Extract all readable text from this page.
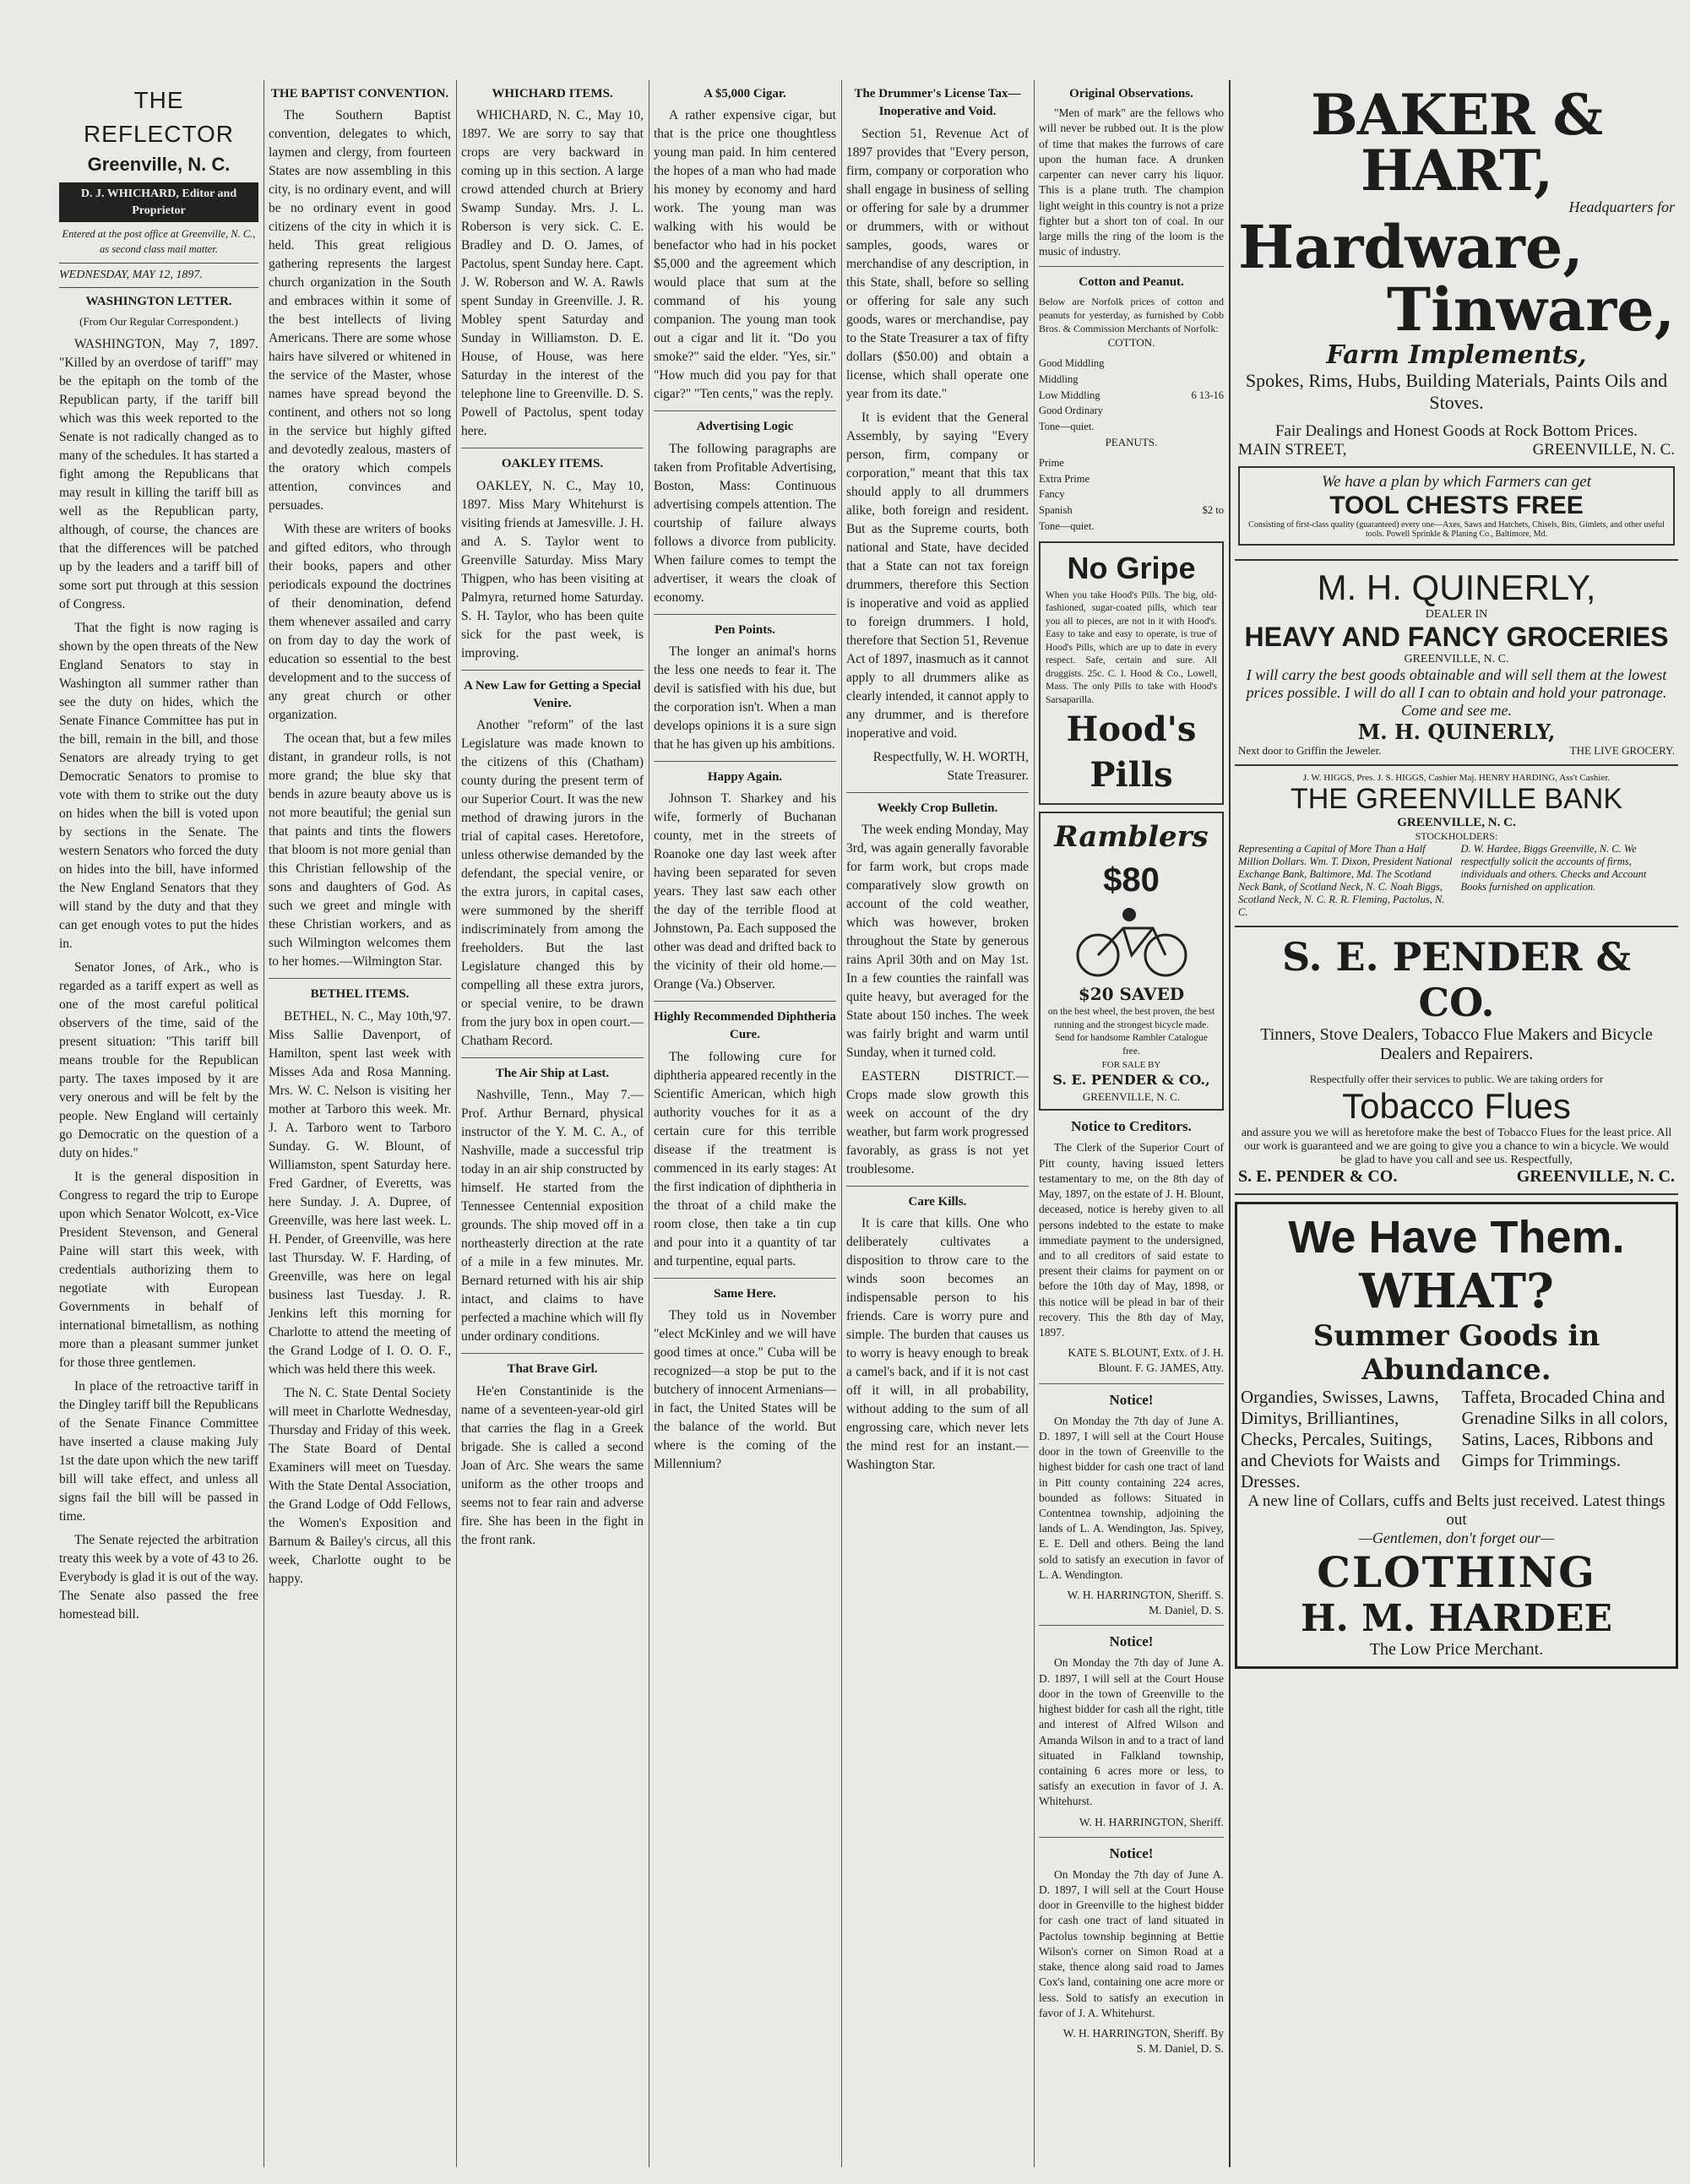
THE REFLECTOR
Greenville, N. C.
D. J. WHICHARD, Editor and Proprietor
Entered at the post office at Greenville, N. C., as second class mail matter.
WEDNESDAY, MAY 12, 1897.
WASHINGTON LETTER.
(From Our Regular Correspondent.)

WASHINGTON, May 7, 1897. "Killed by an overdose of tariff" may be the epitaph on the tomb of the Republican party, if the tariff bill which was this week reported to the Senate is not radically changed as to many of the schedules. It has started a fight among the Republicans that may result in killing the tariff bill as well as the Republican party, although, of course, the chances are that the differences will be patched up by the leaders and a tariff bill of some sort put through at this session of Congress.

That the fight is now raging is shown by the open threats of the New England Senators to stay in Washington all summer rather than see the duty on hides, which the Senate Finance Committee has put in the bill, remain in the bill, and those Senators are already trying to get Democratic Senators to promise to vote with them to strike out the duty on hides when the bill is voted upon by sections in the Senate. The western Senators who forced the duty on hides into the bill, have informed the New England Senators that they will stand by the duty and that they can get enough votes to put the hides in.

Senator Jones, of Ark., who is regarded as a tariff expert as well as one of the most careful political observers of the time, said of the present situation: "This tariff bill means trouble for the Republican party. The taxes imposed by it are very onerous and will be felt by the people. New England will certainly go Democratic on the question of a duty on hides."

It is the general disposition in Congress to regard the trip to Europe upon which Senator Wolcott, ex-Vice President Stevenson, and General Paine will start this week, with credentials authorizing them to negotiate with European Governments in behalf of international bimetallism, as nothing more than a pleasant summer junket for those three gentlemen.

In place of the retroactive tariff in the Dingley tariff bill the Republicans of the Senate Finance Committee have inserted a clause making July 1st the date upon which the new tariff bill will take effect, and unless all signs fail the bill will be passed in time.

The Senate rejected the arbitration treaty this week by a vote of 43 to 26. Everybody is glad it is out of the way. The Senate also passed the free homestead bill.

THE BAPTIST CONVENTION.

The Southern Baptist convention, delegates to which, laymen and clergy, from fourteen States are now assembling in this city, is no ordinary event, and will be no ordinary event in good citizens of the city in which it is held. This great religious gathering represents the largest church organization in the South and embraces within it some of the best intellects of living Americans. There are some whose hairs have silvered or whitened in the service of the Master, whose names have spread beyond the continent, and others not so long in the service but highly gifted and devotedly zealous, masters of the oratory which compels attention, convinces and persuades.

With these are writers of books and gifted editors, who through their books, papers and other periodicals expound the doctrines of their denomination, defend them whenever assailed and carry on from day to day the work of education so essential to the best development and to the success of any great church or other organization.

The ocean that, but a few miles distant, in grandeur rolls, is not more grand; the blue sky that bends in azure beauty above us is not more beautiful; the genial sun that paints and tints the flowers that bloom is not more genial than this Christian fellowship of the sons and daughters of God. As such we greet and mingle with these Christian workers, and as such Wilmington welcomes them to her homes.—Wilmington Star.

BETHEL ITEMS.

BETHEL, N. C., May 10th,'97. Miss Sallie Davenport, of Hamilton, spent last week with Misses Ada and Rosa Manning. Mrs. W. C. Nelson is visiting her mother at Tarboro this week. Mr. J. A. Tarboro went to Tarboro Sunday. G. W. Blount, of Williamston, spent Saturday here. Fred Gardner, of Everetts, was here Sunday. J. A. Dupree, of Greenville, was here last week. L. H. Pender, of Greenville, was here last Thursday. W. F. Harding, of Greenville, was here on legal business last Tuesday. J. R. Jenkins left this morning for Charlotte to attend the meeting of the Grand Lodge of I. O. O. F., which was held there this week.

The N. C. State Dental Society will meet in Charlotte Wednesday, Thursday and Friday of this week. The State Board of Dental Examiners will meet on Tuesday. With the State Dental Association, the Grand Lodge of Odd Fellows, the Women's Exposition and Barnum & Bailey's circus, all this week, Charlotte ought to be happy.

WHICHARD ITEMS.

WHICHARD, N. C., May 10, 1897. We are sorry to say that crops are very backward in coming up in this section. A large crowd attended church at Briery Swamp Sunday. Mrs. J. L. Roberson is very sick. C. E. Bradley and D. O. James, of Pactolus, spent Sunday here. Capt. J. W. Roberson and W. A. Rawls spent Sunday in Greenville. J. R. Mobley spent Saturday and Sunday in Williamston. D. E. House, of House, was here Saturday in the interest of the telephone line to Greenville. D. S. Powell of Pactolus, spent today here.

OAKLEY ITEMS.

OAKLEY, N. C., May 10, 1897. Miss Mary Whitehurst is visiting friends at Jamesville. J. H. and A. S. Taylor went to Greenville Saturday. Miss Mary Thigpen, who has been visiting at Palmyra, returned home Saturday. S. H. Taylor, who has been quite sick for the past week, is improving.

A New Law for Getting a Special Venire.

Another "reform" of the last Legislature was made known to the citizens of this (Chatham) county during the present term of our Superior Court. It was the new method of drawing jurors in the trial of capital cases. Heretofore, unless otherwise demanded by the defendant, the special venire, or the extra jurors, in capital cases, were summoned by the sheriff indiscriminately from among the freeholders. But the last Legislature changed this by compelling all these extra jurors, or special venire, to be drawn from the jury box in open court.—Chatham Record.

The Air Ship at Last.

Nashville, Tenn., May 7.—Prof. Arthur Bernard, physical instructor of the Y. M. C. A., of Nashville, made a successful trip today in an air ship constructed by himself. He started from the Tennessee Centennial exposition grounds. The ship moved off in a northeasterly direction at the rate of a mile in a few minutes. Mr. Bernard returned with his air ship intact, and claims to have perfected a machine which will fly under ordinary conditions.

That Brave Girl.

He'en Constantinide is the name of a seventeen-year-old girl that carries the flag in a Greek brigade. She is called a second Joan of Arc. She wears the same uniform as the other troops and seems not to fear rain and adverse fire. She has been in the fight in the front rank.

A $5,000 Cigar.

A rather expensive cigar, but that is the price one thoughtless young man paid. In him centered the hopes of a man who had made his money by economy and hard work. The young man was walking with his would be benefactor who had in his pocket $5,000 and the agreement which would place that sum at the command of his young companion. The young man took out a cigar and lit it. "Do you smoke?" said the elder. "Yes, sir." "How much did you pay for that cigar?" "Ten cents," was the reply.

Advertising Logic

The following paragraphs are taken from Profitable Advertising, Boston, Mass: Continuous advertising compels attention. The courtship of failure always follows a divorce from publicity. When failure comes to tempt the advertiser, it wears the cloak of economy.

Pen Points.

The longer an animal's horns the less one needs to fear it. The devil is satisfied with his due, but the corporation isn't. When a man develops opinions it is a sure sign that he has given up his ambitions.

Happy Again.

Johnson T. Sharkey and his wife, formerly of Buchanan county, met in the streets of Roanoke one day last week after having been separated for seven years. They last saw each other the day of the terrible flood at Johnstown, Pa. Each supposed the other was dead and drifted back to the vicinity of their old home.—Orange (Va.) Observer.

Highly Recommended Diphtheria Cure.

The following cure for diphtheria appeared recently in the Scientific American, which high authority vouches for it as a certain cure for this terrible disease if the treatment is commenced in its early stages: At the first indication of diphtheria in the throat of a child make the room close, then take a tin cup and pour into it a quantity of tar and turpentine, equal parts.

Same Here.

They told us in November "elect McKinley and we will have good times at once." Cuba will be recognized—a stop be put to the butchery of innocent Armenians—in fact, the United States will be the balance of the world. But where is the coming of the Millennium?

The Drummer's License Tax—Inoperative and Void.

Section 51, Revenue Act of 1897 provides that "Every person, firm, company or corporation who shall engage in business of selling or offering for sale by a drummer or drummers, with or without samples, goods, wares or merchandise of any description, in this State, shall, before so selling or offering for sale any such goods, wares or merchandise, pay to the State Treasurer a tax of fifty dollars ($50.00) and obtain a license, which shall operate one year from its date."

It is evident that the General Assembly, by saying "Every person, firm, company or corporation," meant that this tax should apply to all drummers alike, both foreign and resident. But as the Supreme courts, both national and State, have decided that a State can not tax foreign drummers, therefore this Section is inoperative and void as applied to foreign drummers. I hold, therefore that Section 51, Revenue Act of 1897, inasmuch as it cannot apply to all drummers alike as clearly intended, it cannot apply to any drummer, and is therefore inoperative and void.

Respectfully, W. H. WORTH, State Treasurer.

Weekly Crop Bulletin.

The week ending Monday, May 3rd, was again generally favorable for farm work, but crops made comparatively slow growth on account of the cold weather, which was however, broken throughout the State by generous rains April 30th and on May 1st. In a few counties the rainfall was quite heavy, but averaged for the State about 150 inches. The week was fairly bright and warm until Sunday, when it turned cold.

EASTERN DISTRICT.—Crops made slow growth this week on account of the dry weather, but farm work progressed favorably, as grass is not yet troublesome.

Care Kills.

It is care that kills. One who deliberately cultivates a disposition to throw care to the winds soon becomes an indispensable person to his friends. Care is worry pure and simple. The burden that causes us to worry is heavy enough to break a camel's back, and if it is not cast off it will, in all probability, without adding to the sum of all engrossing care, which never lets the mind rest for an instant.—Washington Star.

Original Observations.

"Men of mark" are the fellows who will never be rubbed out. It is the plow of time that makes the furrows of care upon the human face. A drunken carpenter can never carry his liquor. This is a plane truth. The champion light weight in this country is not a prize fighter but a short ton of coal. In our large mills the ring of the loom is the music of industry.

Cotton and Peanut.
Below are Norfolk prices of cotton and peanuts for yesterday, as furnished by Cobb Bros. & Commission Merchants of Norfolk:
COTTON.
Good Middling	
Middling	
Low Middling	6 13-16
Good Ordinary	
Tone—quiet.	
PEANUTS.
Prime	
Extra Prime	
Fancy	
Spanish	$2 to
Tone—quiet.	
No Gripe
When you take Hood's Pills. The big, old-fashioned, sugar-coated pills, which tear you all to pieces, are not in it with Hood's. Easy to take and easy to operate, is true of Hood's Pills, which are up to date in every respect. Safe, certain and sure. All druggists. 25c. C. I. Hood & Co., Lowell, Mass. The only Pills to take with Hood's Sarsaparilla.
Hood's Pills
Ramblers
$80
$20 SAVED
on the best wheel, the best proven, the best running and the strongest bicycle made. Send for handsome Rambler Catalogue free.
FOR SALE BY
S. E. PENDER & CO.,
GREENVILLE, N. C.
Notice to Creditors.

The Clerk of the Superior Court of Pitt county, having issued letters testamentary to me, on the 8th day of May, 1897, on the estate of J. H. Blount, deceased, notice is hereby given to all persons indebted to the estate to make immediate payment to the undersigned, and to all creditors of said estate to present their claims for payment on or before the 10th day of May, 1898, or this notice will be plead in bar of their recovery. This the 8th day of May, 1897.

KATE S. BLOUNT, Extx. of J. H. Blount. F. G. JAMES, Atty.

Notice!

On Monday the 7th day of June A. D. 1897, I will sell at the Court House door in the town of Greenville to the highest bidder for cash one tract of land in Pitt county containing 224 acres, bounded as follows: Situated in Contentnea township, adjoining the lands of L. A. Wendington, Jas. Spivey, E. E. Dell and others. Being the land sold to satisfy an execution in favor of L. A. Wendington.

W. H. HARRINGTON, Sheriff. S. M. Daniel, D. S.

Notice!

On Monday the 7th day of June A. D. 1897, I will sell at the Court House door in the town of Greenville to the highest bidder for cash all the right, title and interest of Alfred Wilson and Amanda Wilson in and to a tract of land situated in Falkland township, containing 6 acres more or less, to satisfy an execution in favor of J. A. Whitehurst.

W. H. HARRINGTON, Sheriff.

Notice!

On Monday the 7th day of June A. D. 1897, I will sell at the Court House door in Greenville to the highest bidder for cash one tract of land situated in Pactolus township beginning at Bettie Wilson's corner on Simon Road at a stake, thence along said road to James Cox's land, containing one acre more or less. Sold to satisfy an execution in favor of J. A. Whitehurst.

W. H. HARRINGTON, Sheriff. By S. M. Daniel, D. S.

BAKER & HART,
Headquarters for
Hardware,
Tinware,
Farm Implements,
Spokes, Rims, Hubs, Building Materials, Paints Oils and Stoves.
Fair Dealings and Honest Goods at Rock Bottom Prices.
MAIN STREET,	GREENVILLE, N. C.
We have a plan by which Farmers can get
TOOL CHESTS FREE
Consisting of first-class quality (guaranteed) every one—Axes, Saws and Hatchets, Chisels, Bits, Gimlets, and other useful tools. Powell Sprinkle & Planing Co., Baltimore, Md.
M. H. QUINERLY,
DEALER IN
HEAVY AND FANCY GROCERIES
GREENVILLE, N. C.
I will carry the best goods obtainable and will sell them at the lowest prices possible. I will do all I can to obtain and hold your patronage. Come and see me.
M. H. QUINERLY,
Next door to Griffin the Jeweler.	THE LIVE GROCERY.
J. W. HIGGS, Pres. J. S. HIGGS, Cashier Maj. HENRY HARDING, Ass't Cashier.
THE GREENVILLE BANK
GREENVILLE, N. C.
STOCKHOLDERS:
Representing a Capital of More Than a Half Million Dollars. Wm. T. Dixon, President National Exchange Bank, Baltimore, Md. The Scotland Neck Bank, of Scotland Neck, N. C. Noah Biggs, Scotland Neck, N. C. R. R. Fleming, Pactolus, N. C.
D. W. Hardee, Biggs Greenville, N. C. We respectfully solicit the accounts of firms, individuals and others. Checks and Account Books furnished on application.
S. E. PENDER & CO.
Tinners, Stove Dealers, Tobacco Flue Makers and Bicycle Dealers and Repairers.
Respectfully offer their services to public. We are taking orders for
Tobacco Flues
and assure you we will as heretofore make the best of Tobacco Flues for the least price. All our work is guaranteed and we are going to give you a chance to win a bicycle. We would be glad to have you call and see us. Respectfully,
S. E. PENDER & CO.	GREENVILLE, N. C.
We Have Them.
WHAT?
Summer Goods in Abundance.
Organdies, Swisses, Lawns, Dimitys, Brilliantines, Checks, Percales, Suitings, and Cheviots for Waists and Dresses.
Taffeta, Brocaded China and Grenadine Silks in all colors, Satins, Laces, Ribbons and Gimps for Trimmings.
A new line of Collars, cuffs and Belts just received. Latest things out
—Gentlemen, don't forget our—
CLOTHING
H. M. HARDEE
The Low Price Merchant.
